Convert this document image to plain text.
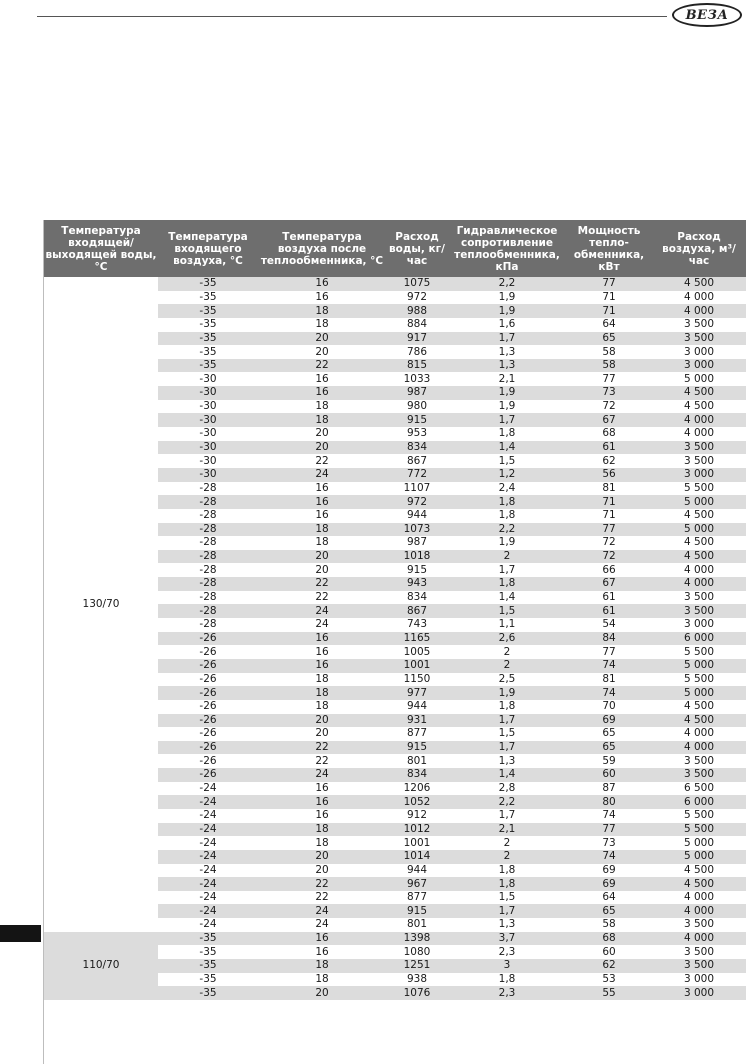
ВЕЗА
Температура входящей/ выходящей воды, °С	Температура входящего воздуха, °С	Температура воздуха после теплообменника, °С	Расход воды, кг/час	Гидравлическое сопротивление теплообменника, кПа	Мощность тепло-обменника, кВт	Расход воздуха, м³/час
130/70	-35	16	1075	2,2	77	4 500
	-35	16	972	1,9	71	4 000
	-35	18	988	1,9	71	4 000
	-35	18	884	1,6	64	3 500
	-35	20	917	1,7	65	3 500
	-35	20	786	1,3	58	3 000
	-35	22	815	1,3	58	3 000
	-30	16	1033	2,1	77	5 000
	-30	16	987	1,9	73	4 500
	-30	18	980	1,9	72	4 500
	-30	18	915	1,7	67	4 000
	-30	20	953	1,8	68	4 000
	-30	20	834	1,4	61	3 500
	-30	22	867	1,5	62	3 500
	-30	24	772	1,2	56	3 000
	-28	16	1107	2,4	81	5 500
	-28	16	972	1,8	71	5 000
	-28	16	944	1,8	71	4 500
	-28	18	1073	2,2	77	5 000
	-28	18	987	1,9	72	4 500
	-28	20	1018	2	72	4 500
	-28	20	915	1,7	66	4 000
	-28	22	943	1,8	67	4 000
	-28	22	834	1,4	61	3 500
	-28	24	867	1,5	61	3 500
	-28	24	743	1,1	54	3 000
	-26	16	1165	2,6	84	6 000
	-26	16	1005	2	77	5 500
	-26	16	1001	2	74	5 000
	-26	18	1150	2,5	81	5 500
	-26	18	977	1,9	74	5 000
	-26	18	944	1,8	70	4 500
	-26	20	931	1,7	69	4 500
	-26	20	877	1,5	65	4 000
	-26	22	915	1,7	65	4 000
	-26	22	801	1,3	59	3 500
	-26	24	834	1,4	60	3 500
	-24	16	1206	2,8	87	6 500
	-24	16	1052	2,2	80	6 000
	-24	16	912	1,7	74	5 500
	-24	18	1012	2,1	77	5 500
	-24	18	1001	2	73	5 000
	-24	20	1014	2	74	5 000
	-24	20	944	1,8	69	4 500
	-24	22	967	1,8	69	4 500
	-24	22	877	1,5	64	4 000
	-24	24	915	1,7	65	4 000
	-24	24	801	1,3	58	3 500
110/70	-35	16	1398	3,7	68	4 000
	-35	16	1080	2,3	60	3 500
	-35	18	1251	3	62	3 500
	-35	18	938	1,8	53	3 000
	-35	20	1076	2,3	55	3 000
